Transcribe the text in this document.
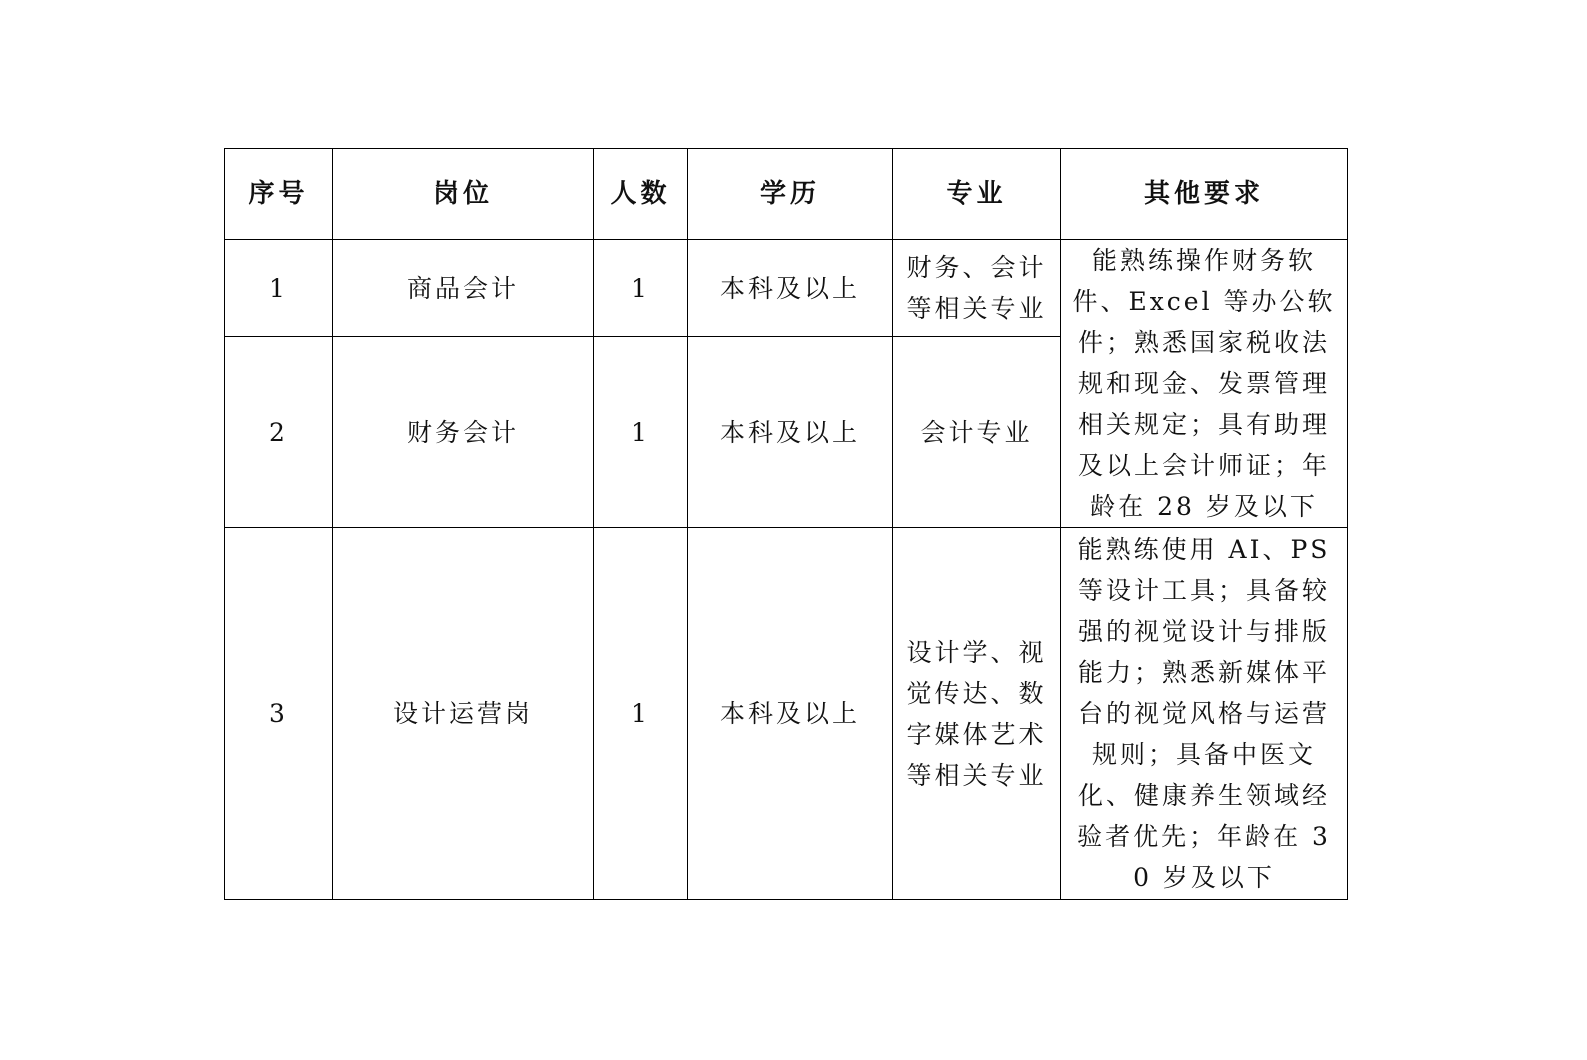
序号	岗位	人数	学历	专业	其他要求
1	商品会计	1	本科及以上	财务、会计等相关专业	能熟练操作财务软件、Excel 等办公软件；熟悉国家税收法规和现金、发票管理相关规定；具有助理及以上会计师证；年龄在 28 岁及以下
2	财务会计	1	本科及以上	会计专业	
3	设计运营岗	1	本科及以上	设计学、视觉传达、数字媒体艺术等相关专业	能熟练使用 AI、PS 等设计工具；具备较强的视觉设计与排版能力；熟悉新媒体平台的视觉风格与运营规则；具备中医文化、健康养生领域经验者优先；年龄在 30 岁及以下
